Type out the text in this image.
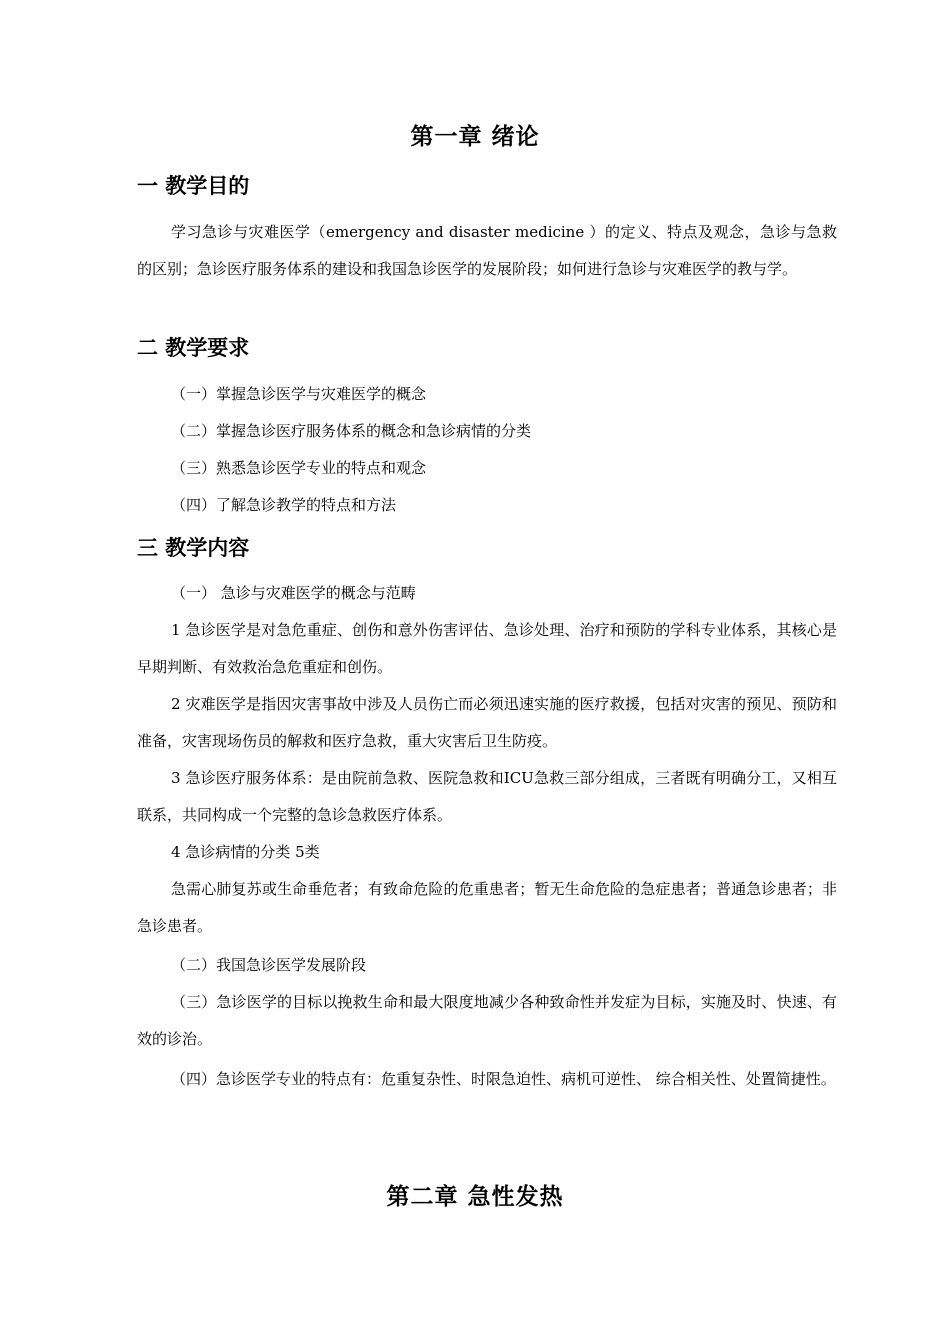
第一章 绪论
一 教学目的

学习急诊与灾难医学（emergency and disaster medicine ）的定义、特点及观念，急诊与急救的区别；急诊医疗服务体系的建设和我国急诊医学的发展阶段；如何进行急诊与灾难医学的教与学。

二 教学要求

（一）掌握急诊医学与灾难医学的概念

（二）掌握急诊医疗服务体系的概念和急诊病情的分类

（三）熟悉急诊医学专业的特点和观念

（四）了解急诊教学的特点和方法

三 教学内容

（一） 急诊与灾难医学的概念与范畴

1 急诊医学是对急危重症、创伤和意外伤害评估、急诊处理、治疗和预防的学科专业体系，其核心是早期判断、有效救治急危重症和创伤。

2 灾难医学是指因灾害事故中涉及人员伤亡而必须迅速实施的医疗救援，包括对灾害的预见、预防和准备，灾害现场伤员的解救和医疗急救，重大灾害后卫生防疫。

3 急诊医疗服务体系：是由院前急救、医院急救和ICU急救三部分组成，三者既有明确分工，又相互联系，共同构成一个完整的急诊急救医疗体系。

4 急诊病情的分类 5类

急需心肺复苏或生命垂危者；有致命危险的危重患者；暂无生命危险的急症患者；普通急诊患者；非急诊患者。

（二）我国急诊医学发展阶段

（三）急诊医学的目标以挽救生命和最大限度地减少各种致命性并发症为目标，实施及时、快速、有效的诊治。

（四）急诊医学专业的特点有：危重复杂性、时限急迫性、病机可逆性、 综合相关性、处置简捷性。

第二章 急性发热
